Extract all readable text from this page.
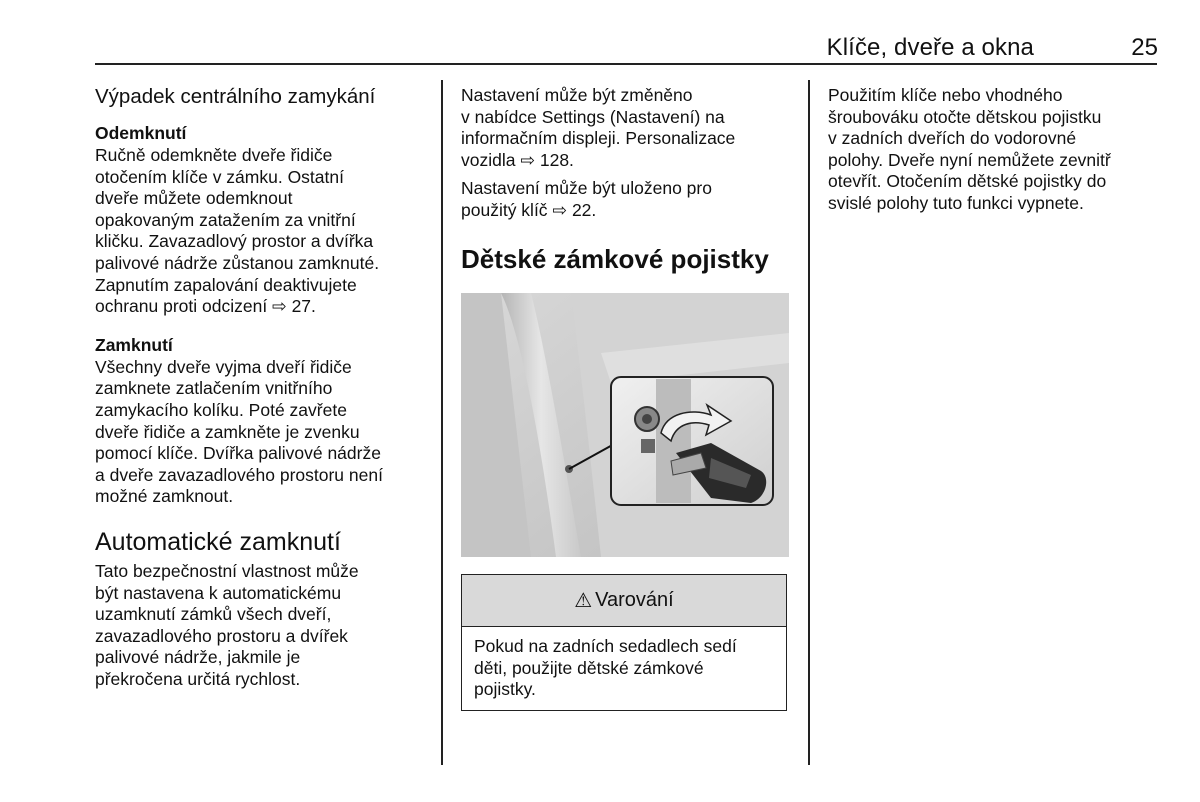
Klíče, dveře a okna	25
Výpadek centrálního zamykání
Odemknutí

Ručně odemkněte dveře řidiče

otočením klíče v zámku. Ostatní

dveře můžete odemknout

opakovaným zatažením za vnitřní

kličku. Zavazadlový prostor a dvířka

palivové nádrže zůstanou zamknuté.

Zapnutím zapalování deaktivujete

ochranu proti odcizení ⇨ 27.

Zamknutí

Všechny dveře vyjma dveří řidiče

zamknete zatlačením vnitřního

zamykacího kolíku. Poté zavřete

dveře řidiče a zamkněte je zvenku

pomocí klíče. Dvířka palivové nádrže

a dveře zavazadlového prostoru není

možné zamknout.

Automatické zamknutí

Tato bezpečnostní vlastnost může

být nastavena k automatickému

uzamknutí zámků všech dveří,

zavazadlového prostoru a dvířek

palivové nádrže, jakmile je

překročena určitá rychlost.

Nastavení může být změněno

v nabídce Settings (Nastavení) na

informačním displeji. Personalizace

vozidla ⇨ 128.

Nastavení může být uloženo pro

použitý klíč ⇨ 22.

Dětské zámkové pojistky
⚠ Varování
Pokud na zadních sedadlech sedí
děti, použijte dětské zámkové
pojistky.

Použitím klíče nebo vhodného

šroubováku otočte dětskou pojistku

v zadních dveřích do vodorovné

polohy. Dveře nyní nemůžete zevnitř

otevřít. Otočením dětské pojistky do

svislé polohy tuto funkci vypnete.
